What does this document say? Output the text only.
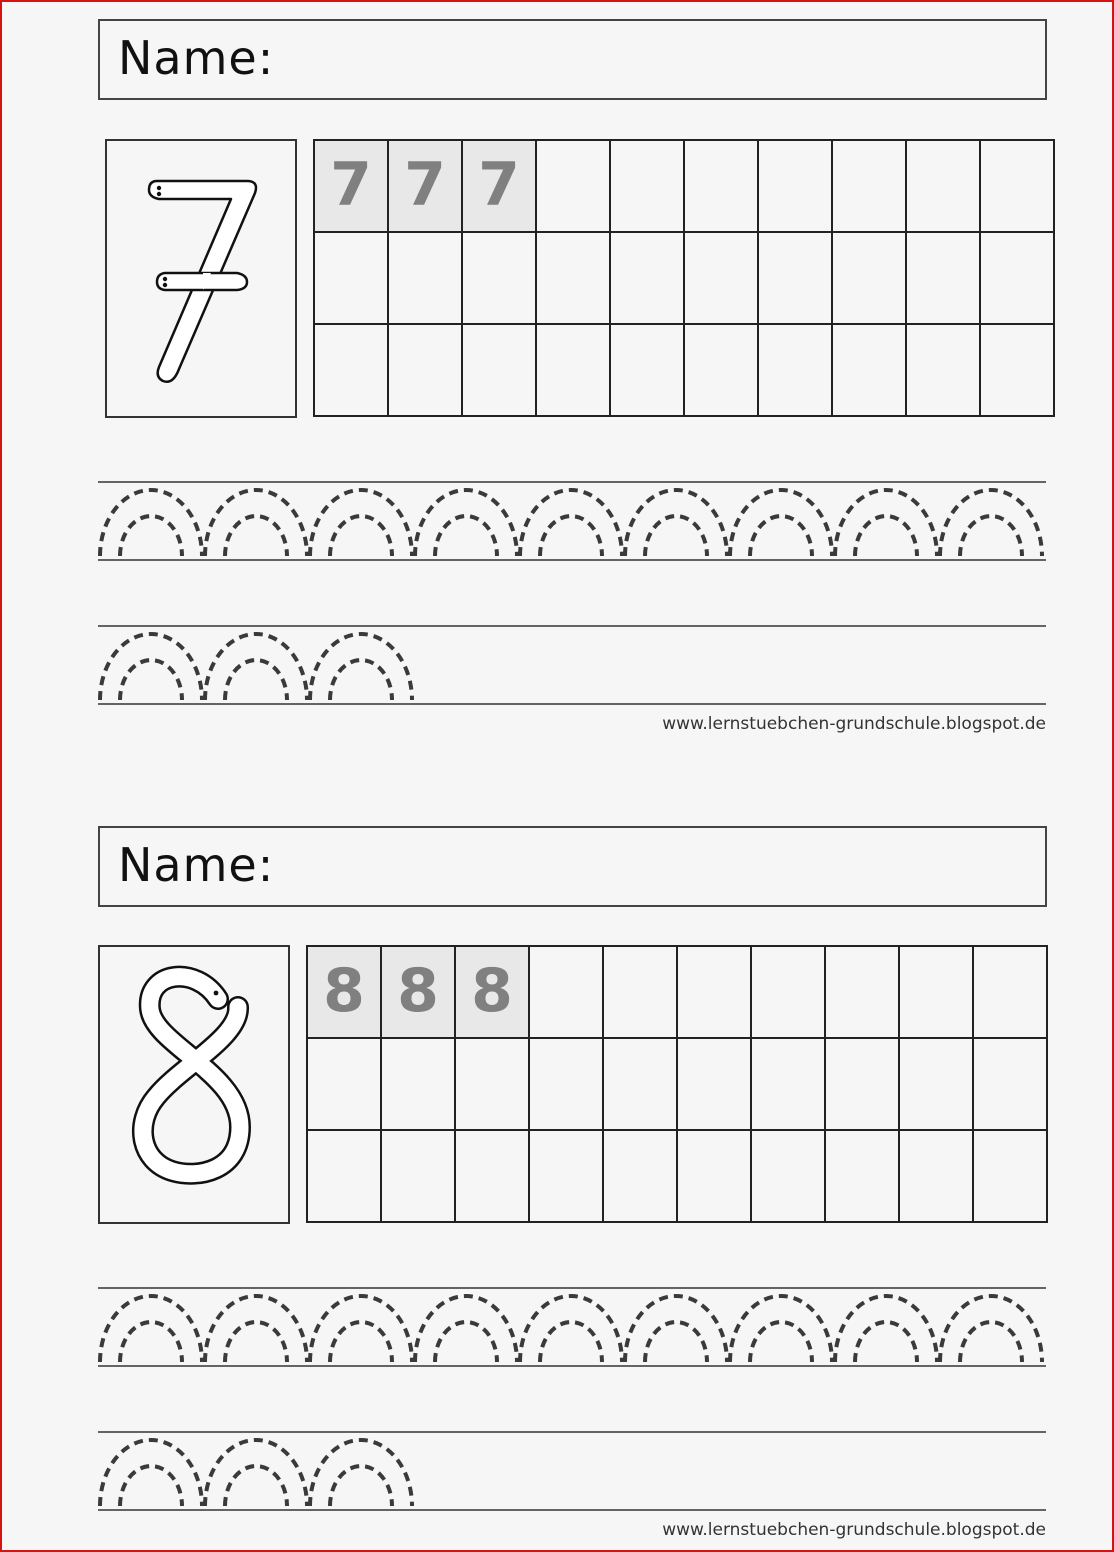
Name:
7 7 7
www.lernstuebchen-grundschule.blogspot.de
Name:
8 8 8
www.lernstuebchen-grundschule.blogspot.de
